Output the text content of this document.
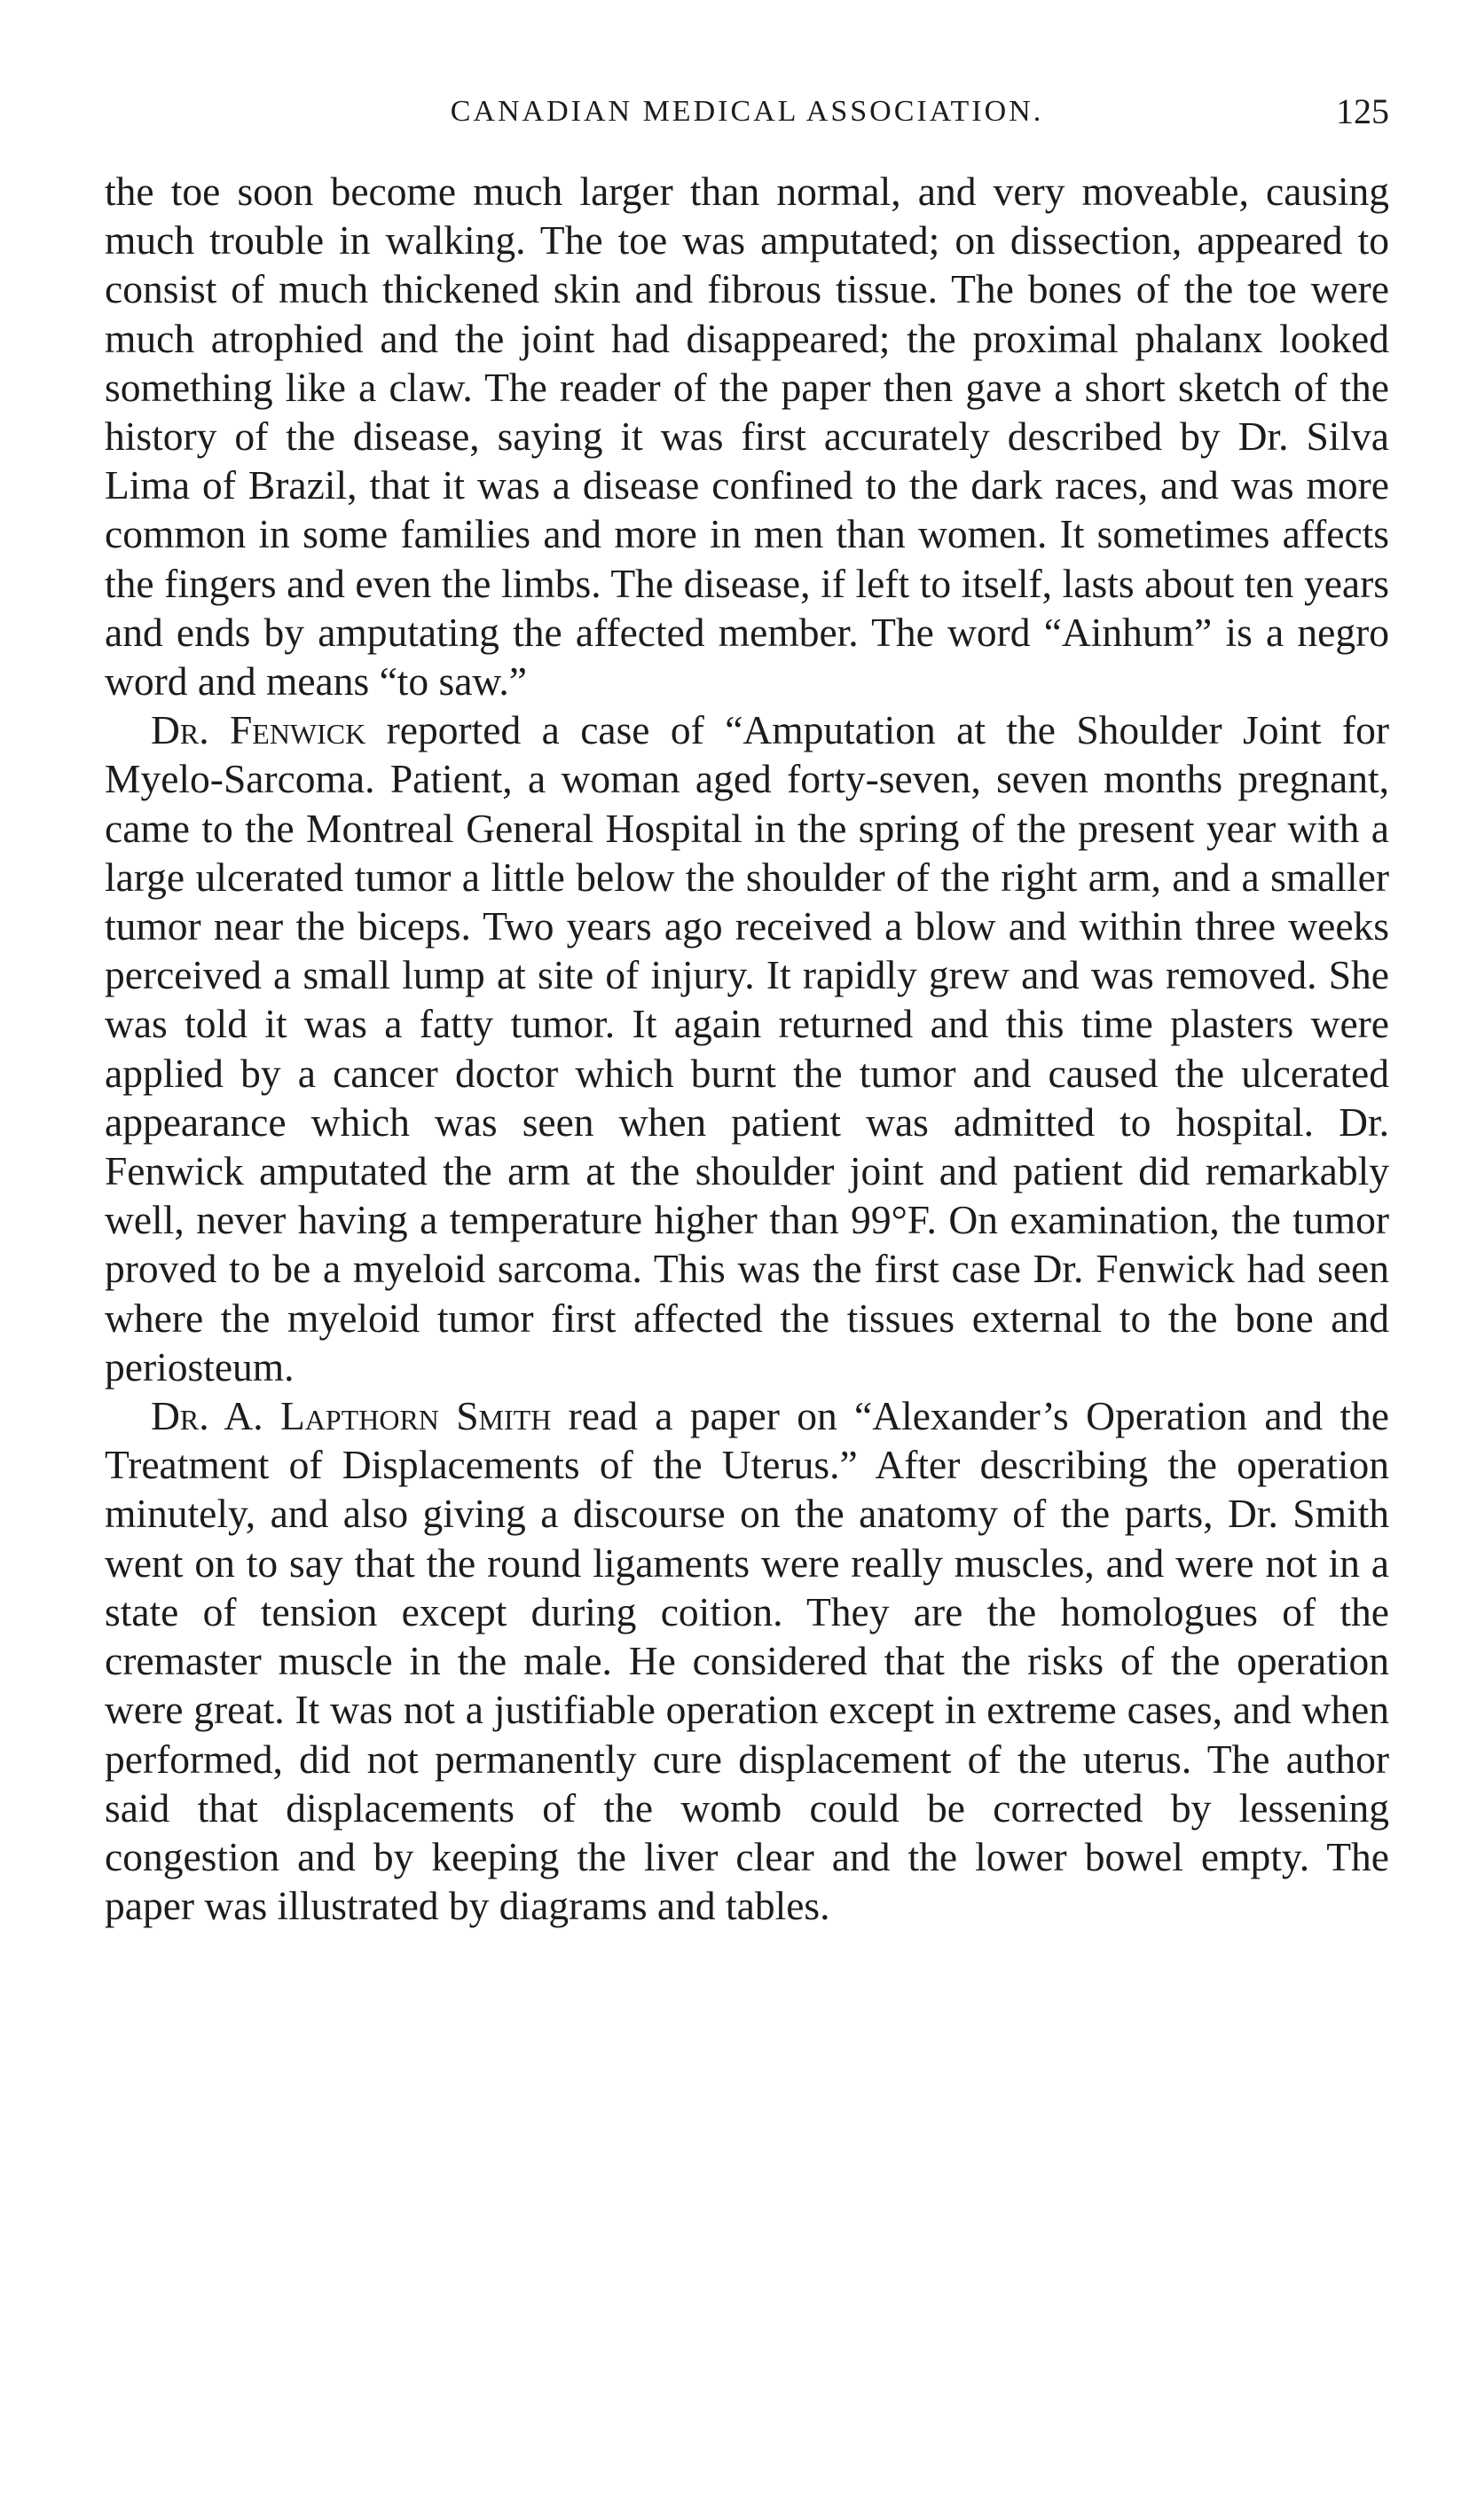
CANADIAN MEDICAL ASSOCIATION.	125

the toe soon become much larger than normal, and very moveable, causing much trouble in walking. The toe was amputated; on dissection, appeared to consist of much thickened skin and fibrous tissue. The bones of the toe were much atrophied and the joint had disappeared; the proximal phalanx looked something like a claw. The reader of the paper then gave a short sketch of the history of the disease, saying it was first accurately described by Dr. Silva Lima of Brazil, that it was a disease confined to the dark races, and was more common in some families and more in men than women. It sometimes affects the fingers and even the limbs. The disease, if left to itself, lasts about ten years and ends by amputating the affected member. The word “Ainhum” is a negro word and means “to saw.”

Dr. Fenwick reported a case of “Amputation at the Shoulder Joint for Myelo-Sarcoma. Patient, a woman aged forty-seven, seven months pregnant, came to the Montreal General Hospital in the spring of the present year with a large ulcerated tumor a little below the shoulder of the right arm, and a smaller tumor near the biceps. Two years ago received a blow and within three weeks perceived a small lump at site of injury. It rapidly grew and was removed. She was told it was a fatty tumor. It again returned and this time plasters were applied by a cancer doctor which burnt the tumor and caused the ulcerated appearance which was seen when patient was admitted to hospital. Dr. Fenwick amputated the arm at the shoulder joint and patient did remarkably well, never having a temperature higher than 99°F. On examination, the tumor proved to be a myeloid sarcoma. This was the first case Dr. Fenwick had seen where the myeloid tumor first affected the tissues external to the bone and periosteum.

Dr. A. Lapthorn Smith read a paper on “Alexander’s Operation and the Treatment of Displacements of the Uterus.” After describing the operation minutely, and also giving a discourse on the anatomy of the parts, Dr. Smith went on to say that the round ligaments were really muscles, and were not in a state of tension except during coition. They are the homologues of the cremaster muscle in the male. He considered that the risks of the operation were great. It was not a justifiable operation except in extreme cases, and when performed, did not permanently cure displacement of the uterus. The author said that displacements of the womb could be corrected by lessening congestion and by keeping the liver clear and the lower bowel empty. The paper was illustrated by diagrams and tables.
